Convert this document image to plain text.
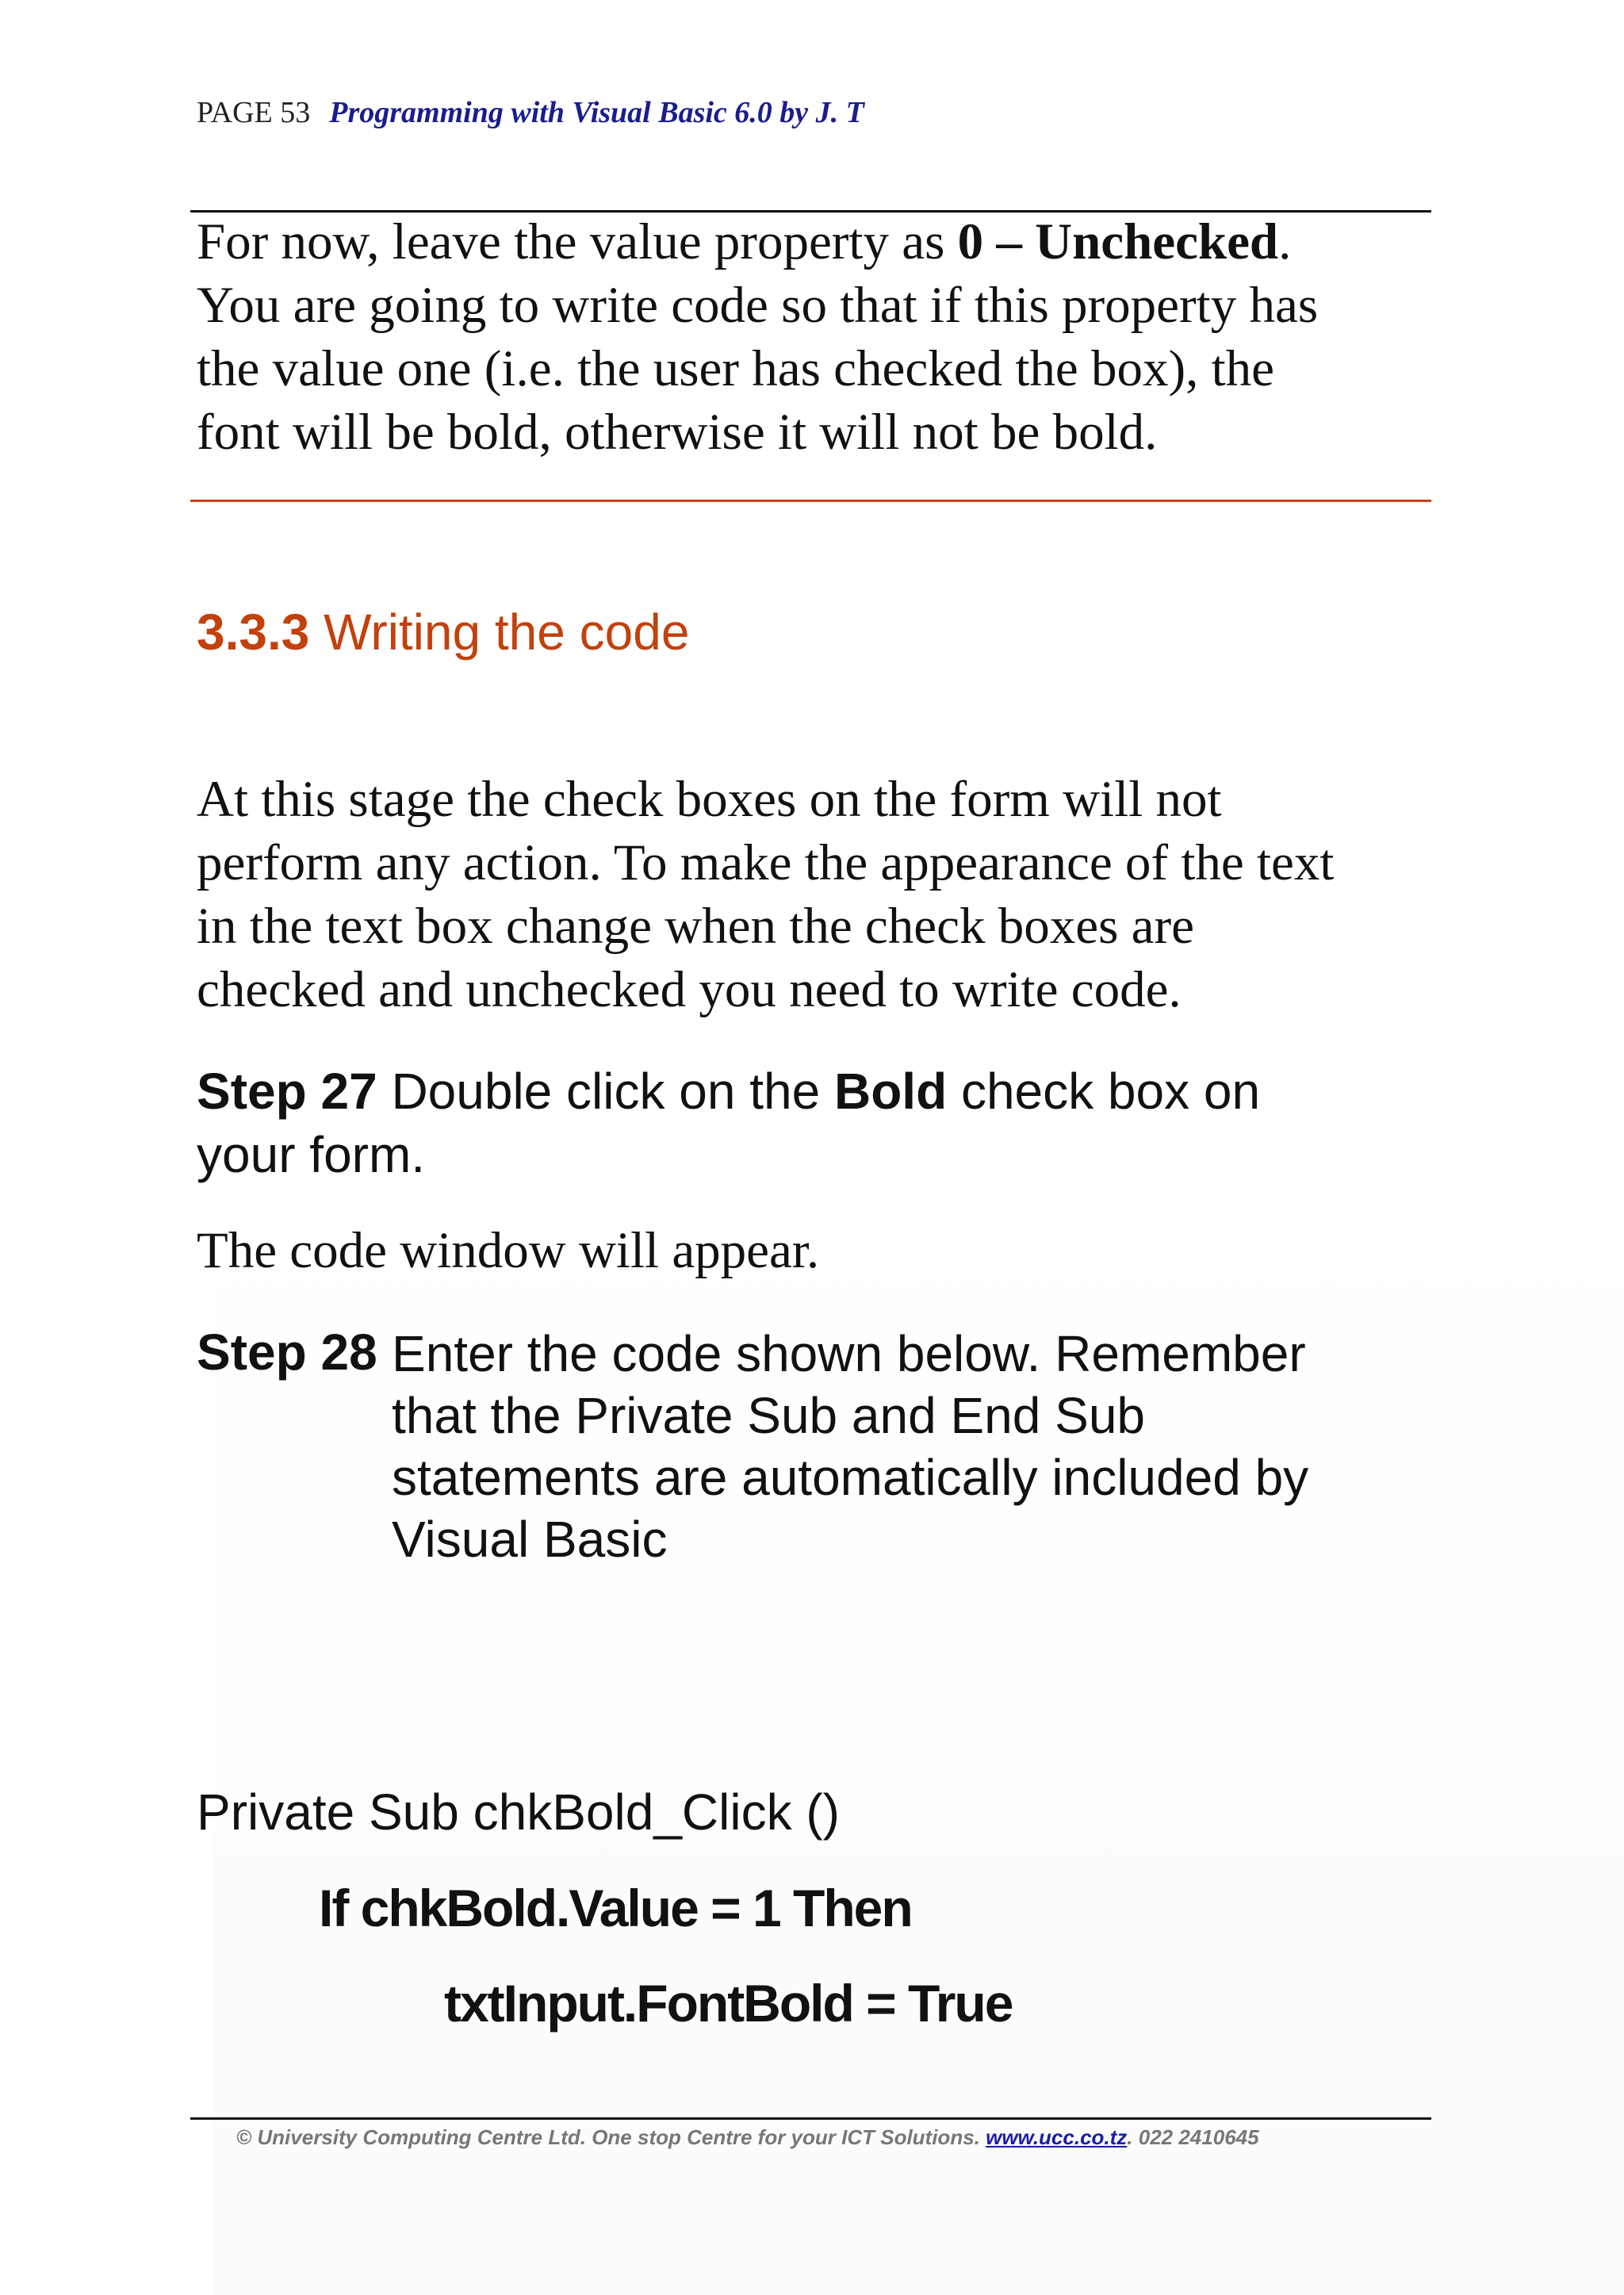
PAGE 53 Programming with Visual Basic 6.0 by J. T

For now, leave the value property as 0 – Unchecked.

You are going to write code so that if this property has

the value one (i.e. the user has checked the box), the

font will be bold, otherwise it will not be bold.

3.3.3 Writing the code

At this stage the check boxes on the form will not

perform any action. To make the appearance of the text

in the text box change when the check boxes are

checked and unchecked you need to write code.

Step 27 Double click on the Bold check box on

your form.

The code window will appear.
Step 28 Enter the code shown below. Remember

that the Private Sub and End Sub

statements are automatically included by

Visual Basic

Private Sub chkBold_Click ()
If chkBold.Value = 1 Then
txtInput.FontBold = True
© University Computing Centre Ltd. One stop Centre for your ICT Solutions. www.ucc.co.tz. 022 2410645
